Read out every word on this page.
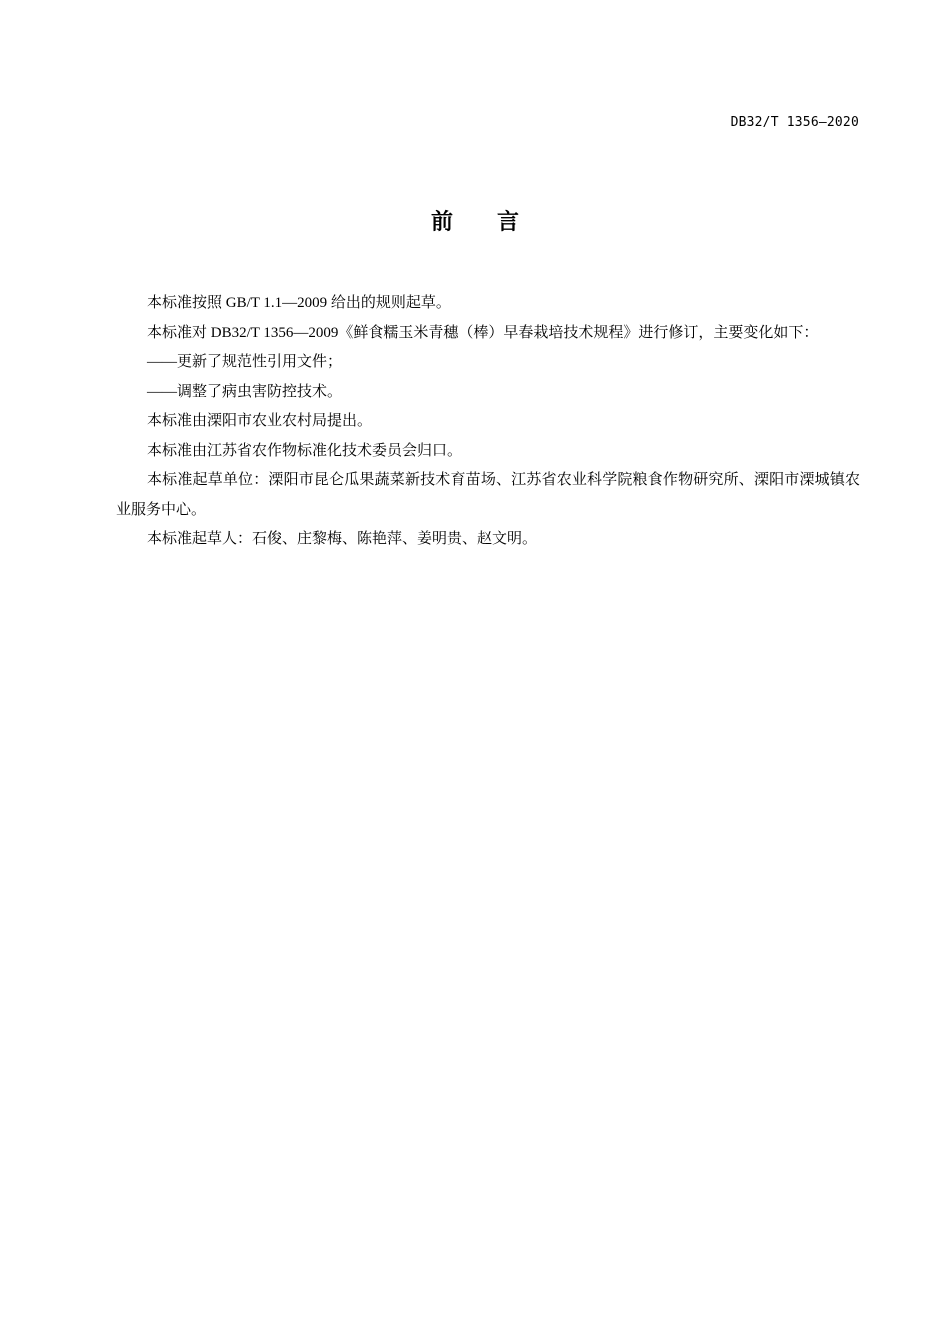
DB32/T 1356—2020
前 言

本标准按照 GB/T 1.1—2009 给出的规则起草。

本标准对 DB32/T 1356—2009《鲜食糯玉米青穗（棒）早春栽培技术规程》进行修订，主要变化如下：

——更新了规范性引用文件；

——调整了病虫害防控技术。

本标准由溧阳市农业农村局提出。

本标准由江苏省农作物标准化技术委员会归口。

本标准起草单位：溧阳市昆仑瓜果蔬菜新技术育苗场、江苏省农业科学院粮食作物研究所、溧阳市溧城镇农业服务中心。

本标准起草人：石俊、庄黎梅、陈艳萍、姜明贵、赵文明。
